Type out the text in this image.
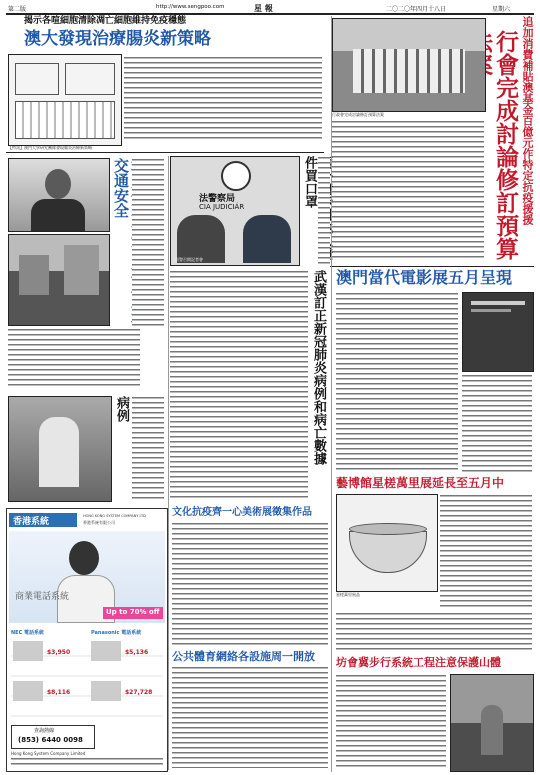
第二版	http://www.sengpoo.com	星 報	二〇二〇年四月十八日	星期六
揭示各喧細胞清除凋亡細胞維持免疫穩態
澳大發現治療腸炎新策略
【特訊】澳門大學研究團隊發現腸炎治療新策略	追加消費補貼澳基金百億元作特定抗疫援援
行會完成討論修訂預算
行政會完成討論修訂預算法案
交通安全
法警察局
CIA JUDICIÁR
司警召開記者會
件買口罩
武漢訂正新冠肺炎病例和病亡數據 澳門當代電影展五月呈現
病例
藝博館星槎萬里展延長至五月中
星槎萬里展品
文化抗疫齊一心美術展徵集作品
公共體育網絡各設施周一開放 坊會冀步行系統工程注意保護山體
香港系統
HONG KONG SYSTEM COMPANY LTD
香港系統有限公司
商業電話系統
Up to 70% off
NEC 電話系統	Panasonic 電話系統
$3,950	$5,136
$8,116	$27,728
查詢熱線
(853) 6440 0098
Hong Kong System Company Limited
